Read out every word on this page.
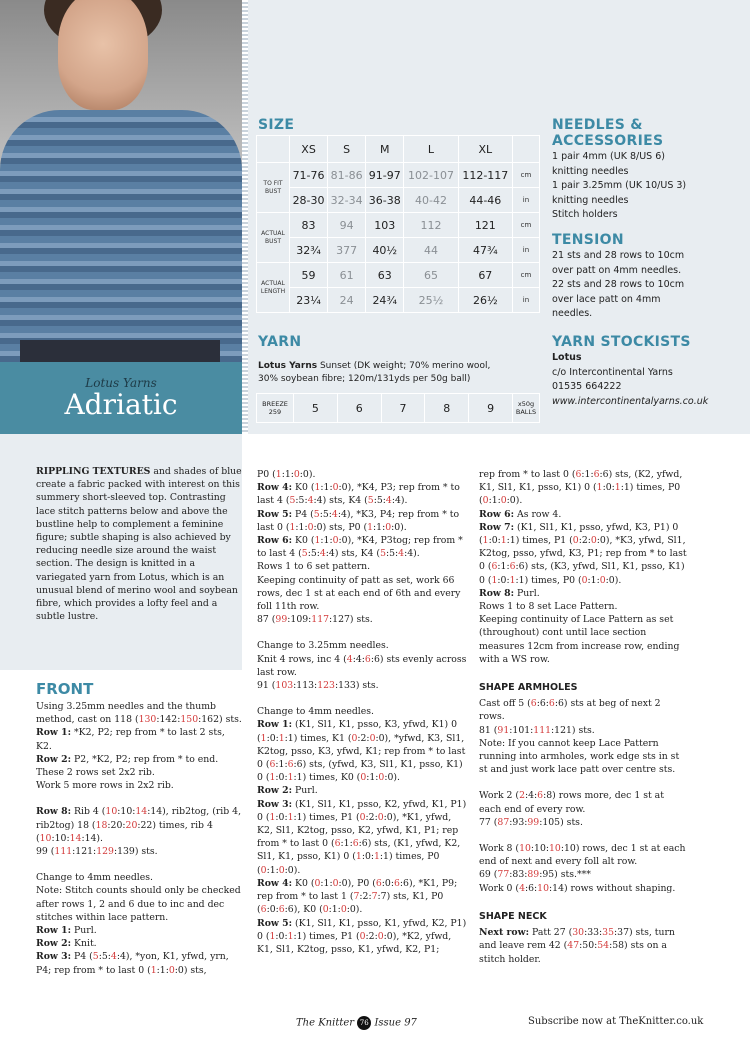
Lotus Yarns
Adriatic
SIZE
	XS	S	M	L	XL	
TO FIT BUST	71-76	81-86	91-97	102-107	112-117	cm
	28-30	32-34	36-38	40-42	44-46	in
ACTUAL BUST	83	94	103	112	121	cm
	32¾	377	40½	44	47¾	in
ACTUAL LENGTH	59	61	63	65	67	cm
	23¼	24	24¾	25½	26½	in
NEEDLES & ACCESSORIES
1 pair 4mm (UK 8/US 6)
knitting needles
1 pair 3.25mm (UK 10/US 3)
knitting needles
Stitch holders
TENSION
21 sts and 28 rows to 10cm
over patt on 4mm needles.
22 sts and 28 rows to 10cm
over lace patt on 4mm
needles.
YARN
Lotus Yarns Sunset (DK weight; 70% merino wool, 30% soybean fibre; 120m/131yds per 50g ball)
BREEZE 259	5	6	7	8	9	x50g BALLS
YARN STOCKISTS
Lotus
c/o Intercontinental Yarns
01535 664222
www.intercontinentalyarns.co.uk

RIPPLING TEXTURES and shades of blue create a fabric packed with interest on this summery short-sleeved top. Contrasting lace stitch patterns below and above the bustline help to complement a feminine figure; subtle shaping is also achieved by reducing needle size around the waist section. The design is knitted in a variegated yarn from Lotus, which is an unusual blend of merino wool and soybean fibre, which provides a lofty feel and a subtle lustre.

FRONT

Using 3.25mm needles and the thumb method, cast on 118 (130:142:150:162) sts.

Row 1: *K2, P2; rep from * to last 2 sts, K2.

Row 2: P2, *K2, P2; rep from * to end.

These 2 rows set 2x2 rib.

Work 5 more rows in 2x2 rib.

Row 8: Rib 4 (10:10:14:14), rib2tog, (rib 4, rib2tog) 18 (18:20:20:22) times, rib 4 (10:10:14:14).

99 (111:121:129:139) sts.

Change to 4mm needles.

Note: Stitch counts should only be checked after rows 1, 2 and 6 due to inc and dec stitches within lace pattern.

Row 1: Purl.

Row 2: Knit.

Row 3: P4 (5:5:4:4), *yon, K1, yfwd, yrn, P4; rep from * to last 0 (1:1:0:0) sts,

P0 (1:1:0:0).

Row 4: K0 (1:1:0:0), *K4, P3; rep from * to last 4 (5:5:4:4) sts, K4 (5:5:4:4).

Row 5: P4 (5:5:4:4), *K3, P4; rep from * to last 0 (1:1:0:0) sts, P0 (1:1:0:0).

Row 6: K0 (1:1:0:0), *K4, P3tog; rep from * to last 4 (5:5:4:4) sts, K4 (5:5:4:4).

Rows 1 to 6 set pattern.

Keeping continuity of patt as set, work 66 rows, dec 1 st at each end of 6th and every foll 11th row.

87 (99:109:117:127) sts.

Change to 3.25mm needles.

Knit 4 rows, inc 4 (4:4:6:6) sts evenly across last row.

91 (103:113:123:133) sts.

Change to 4mm needles.

Row 1: (K1, Sl1, K1, psso, K3, yfwd, K1) 0 (1:0:1:1) times, K1 (0:2:0:0), *yfwd, K3, Sl1, K2tog, psso, K3, yfwd, K1; rep from * to last 0 (6:1:6:6) sts, (yfwd, K3, Sl1, K1, psso, K1) 0 (1:0:1:1) times, K0 (0:1:0:0).

Row 2: Purl.

Row 3: (K1, Sl1, K1, psso, K2, yfwd, K1, P1) 0 (1:0:1:1) times, P1 (0:2:0:0), *K1, yfwd, K2, Sl1, K2tog, psso, K2, yfwd, K1, P1; rep from * to last 0 (6:1:6:6) sts, (K1, yfwd, K2, Sl1, K1, psso, K1) 0 (1:0:1:1) times, P0 (0:1:0:0).

Row 4: K0 (0:1:0:0), P0 (6:0:6:6), *K1, P9; rep from * to last 1 (7:2:7:7) sts, K1, P0 (6:0:6:6), K0 (0:1:0:0).

Row 5: (K1, Sl1, K1, psso, K1, yfwd, K2, P1) 0 (1:0:1:1) times, P1 (0:2:0:0), *K2, yfwd, K1, Sl1, K2tog, psso, K1, yfwd, K2, P1;

rep from * to last 0 (6:1:6:6) sts, (K2, yfwd, K1, Sl1, K1, psso, K1) 0 (1:0:1:1) times, P0 (0:1:0:0).

Row 6: As row 4.

Row 7: (K1, Sl1, K1, psso, yfwd, K3, P1) 0 (1:0:1:1) times, P1 (0:2:0:0), *K3, yfwd, Sl1, K2tog, psso, yfwd, K3, P1; rep from * to last 0 (6:1:6:6) sts, (K3, yfwd, Sl1, K1, psso, K1) 0 (1:0:1:1) times, P0 (0:1:0:0).

Row 8: Purl.

Rows 1 to 8 set Lace Pattern.

Keeping continuity of Lace Pattern as set (throughout) cont until lace section measures 12cm from increase row, ending with a WS row.

SHAPE ARMHOLES

Cast off 5 (6:6:6:6) sts at beg of next 2 rows.

81 (91:101:111:121) sts.

Note: If you cannot keep Lace Pattern running into armholes, work edge sts in st st and just work lace patt over centre sts.

Work 2 (2:4:6:8) rows more, dec 1 st at each end of every row.

77 (87:93:99:105) sts.

Work 8 (10:10:10:10) rows, dec 1 st at each end of next and every foll alt row.

69 (77:83:89:95) sts.***

Work 0 (4:6:10:14) rows without shaping.

SHAPE NECK

Next row: Patt 27 (30:33:35:37) sts, turn and leave rem 42 (47:50:54:58) sts on a stitch holder.

The Knitter 76 Issue 97	Subscribe now at TheKnitter.co.uk
